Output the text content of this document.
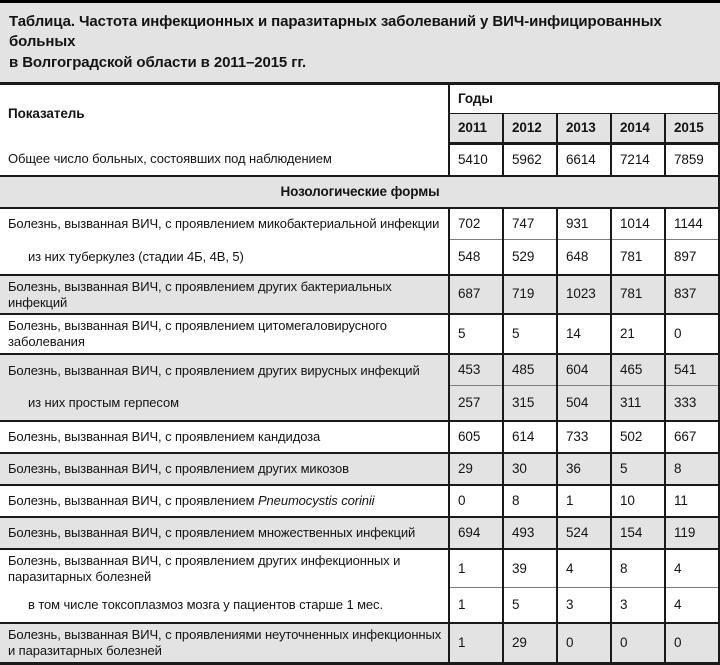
Таблица. Частота инфекционных и паразитарных заболеваний у ВИЧ-инфицированных больных
в Волгоградской области в 2011–2015 гг.
Показатель	Годы				
	2011	2012	2013	2014	2015
Общее число больных, состоявших под наблюдением	5410	5962	6614	7214	7859
Нозологические формы					
Болезнь, вызванная ВИЧ, с проявлением микобактериальной инфекции	702	747	931	1014	1144
из них туберкулез (стадии 4Б, 4В, 5)	548	529	648	781	897
Болезнь, вызванная ВИЧ, с проявлением других бактериальных инфекций	687	719	1023	781	837
Болезнь, вызванная ВИЧ, с проявлением цитомегаловирусного заболевания	5	5	14	21	0
Болезнь, вызванная ВИЧ, с проявлением других вирусных инфекций	453	485	604	465	541
из них простым герпесом	257	315	504	311	333
Болезнь, вызванная ВИЧ, с проявлением кандидоза	605	614	733	502	667
Болезнь, вызванная ВИЧ, с проявлением других микозов	29	30	36	5	8
Болезнь, вызванная ВИЧ, с проявлением Pneumocystis corinii	0	8	1	10	11
Болезнь, вызванная ВИЧ, с проявлением множественных инфекций	694	493	524	154	119
Болезнь, вызванная ВИЧ, с проявлением других инфекционных и паразитарных болезней	1	39	4	8	4
в том числе токсоплазмоз мозга у пациентов старше 1 мес.	1	5	3	3	4
Болезнь, вызванная ВИЧ, с проявлениями неуточненных инфекционных и паразитарных болезней	1	29	0	0	0
